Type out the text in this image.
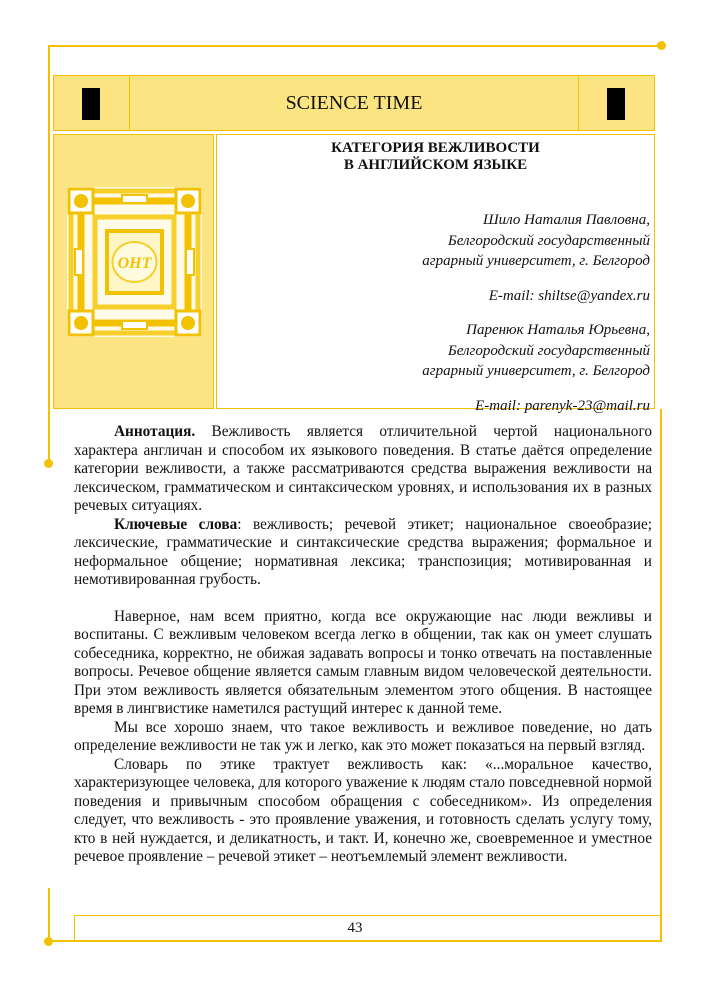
SCIENCE TIME
OHT
КАТЕГОРИЯ ВЕЖЛИВОСТИ
В АНГЛИЙСКОМ ЯЗЫКЕ
Шило Наталия Павловна,
Белгородский государственный
аграрный университет, г. Белгород
E-mail: shiltse@yandex.ru
Паренюк Наталья Юрьевна,
Белгородский государственный
аграрный университет, г. Белгород
E-mail: parenyk-23@mail.ru

Аннотация. Вежливость является отличительной чертой национального характера англичан и способом их языкового поведения. В статье даётся определение категории вежливости, а также рассматриваются средства выражения вежливости на лексическом, грамматическом и синтаксическом уровнях, и использования их в разных речевых ситуациях.

Ключевые слова: вежливость; речевой этикет; национальное своеобразие; лексические, грамматические и синтаксические средства выражения; формальное и неформальное общение; нормативная лексика; транспозиция; мотивированная и немотивированная грубость.

Наверное, нам всем приятно, когда все окружающие нас люди вежливы и воспитаны. С вежливым человеком всегда легко в общении, так как он умеет слушать собеседника, корректно, не обижая задавать вопросы и тонко отвечать на поставленные вопросы. Речевое общение является самым главным видом человеческой деятельности. При этом вежливость является обязательным элементом этого общения. В настоящее время в лингвистике наметился растущий интерес к данной теме.

Мы все хорошо знаем, что такое вежливость и вежливое поведение, но дать определение вежливости не так уж и легко, как это может показаться на первый взгляд.

Словарь по этике трактует вежливость как: «...моральное качество, характеризующее человека, для которого уважение к людям стало повседневной нормой поведения и привычным способом обращения с собеседником». Из определения следует, что вежливость - это проявление уважения, и готовность сделать услугу тому, кто в ней нуждается, и деликатность, и такт. И, конечно же, своевременное и уместное речевое проявление – речевой этикет – неотъемлемый элемент вежливости.

43
